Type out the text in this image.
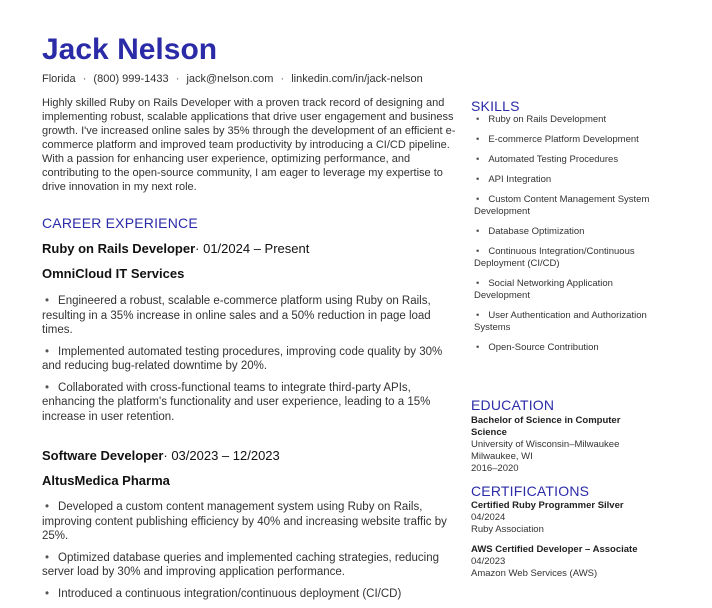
Jack Nelson
Florida · (800) 999-1433 · jack@nelson.com · linkedin.com/in/jack-nelson

Highly skilled Ruby on Rails Developer with a proven track record of designing and implementing robust, scalable applications that drive user engagement and business growth. I've increased online sales by 35% through the development of an efficient e-commerce platform and improved team productivity by introducing a CI/CD pipeline. With a passion for enhancing user experience, optimizing performance, and contributing to the open-source community, I am eager to leverage my expertise to drive innovation in my next role.

CAREER EXPERIENCE
Ruby on Rails Developer· 01/2024 – Present
OmniCloud IT Services
• Engineered a robust, scalable e-commerce platform using Ruby on Rails, resulting in a 35% increase in online sales and a 50% reduction in page load times.
• Implemented automated testing procedures, improving code quality by 30% and reducing bug-related downtime by 20%.
• Collaborated with cross-functional teams to integrate third-party APIs, enhancing the platform's functionality and user experience, leading to a 15% increase in user retention.
Software Developer· 03/2023 – 12/2023
AltusMedica Pharma
• Developed a custom content management system using Ruby on Rails, improving content publishing efficiency by 40% and increasing website traffic by 25%.
• Optimized database queries and implemented caching strategies, reducing server load by 30% and improving application performance.
• Introduced a continuous integration/continuous deployment (CI/CD)
SKILLS
• Ruby on Rails Development
• E-commerce Platform Development
• Automated Testing Procedures
• API Integration
• Custom Content Management System Development
• Database Optimization
• Continuous Integration/Continuous Deployment (CI/CD)
• Social Networking Application Development
• User Authentication and Authorization Systems
• Open-Source Contribution
EDUCATION
Bachelor of Science in Computer Science
University of Wisconsin–Milwaukee
Milwaukee, WI
2016–2020
CERTIFICATIONS
Certified Ruby Programmer Silver
04/2024
Ruby Association
AWS Certified Developer – Associate
04/2023
Amazon Web Services (AWS)
